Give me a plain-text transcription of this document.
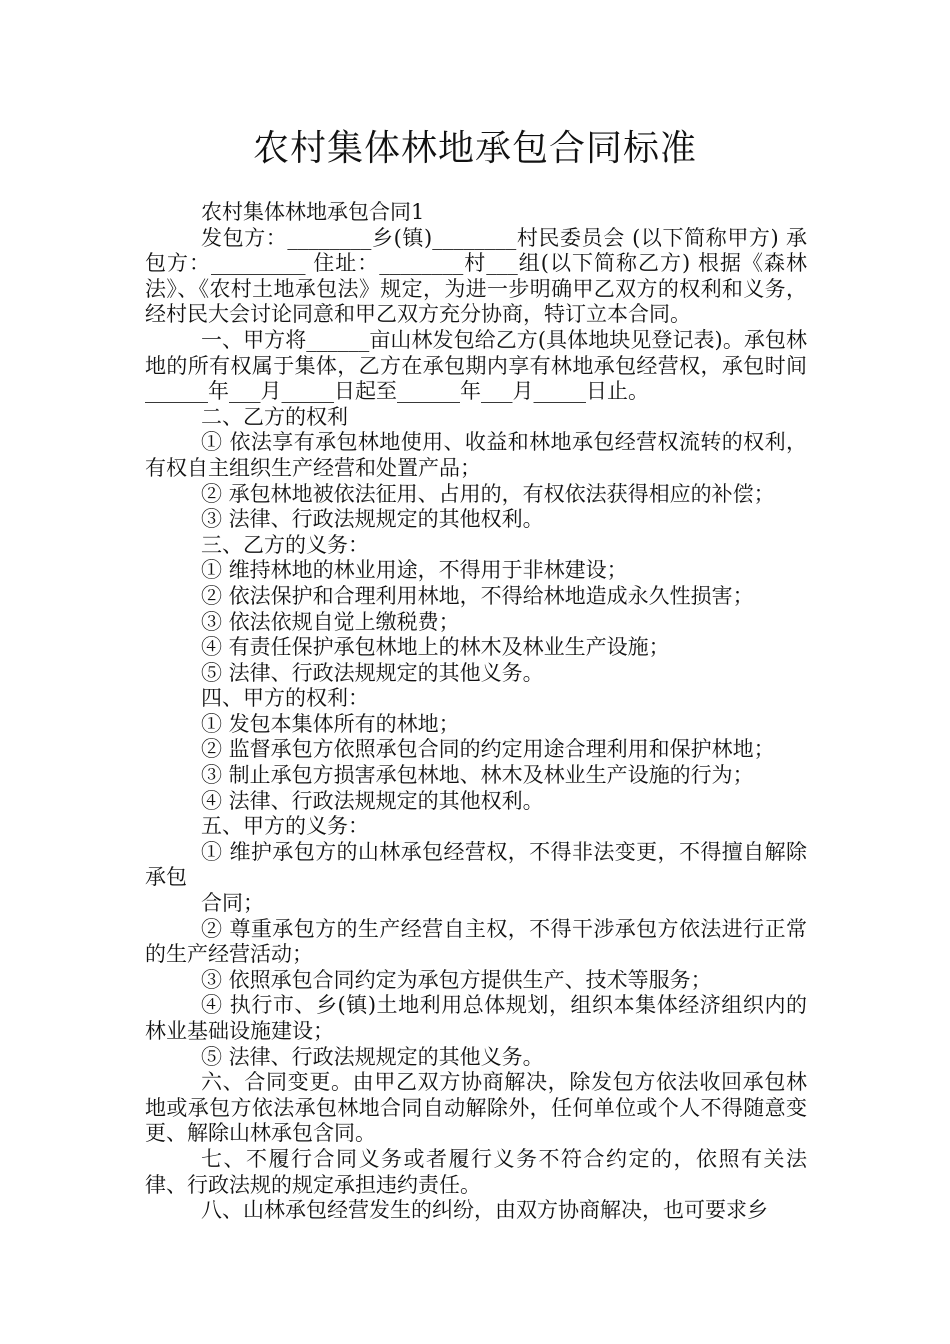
农村集体林地承包合同标准

农村集体林地承包合同1

发包方：________乡(镇)________村民委员会 (以下简称甲方) 承包方：_________ 住址：________村___组(以下简称乙方) 根据《森林法》、《农村土地承包法》规定，为进一步明确甲乙双方的权利和义务，经村民大会讨论同意和甲乙双方充分协商，特订立本合同。

一、甲方将______亩山林发包给乙方(具体地块见登记表)。承包林地的所有权属于集体，乙方在承包期内享有林地承包经营权，承包时间______年___月_____日起至______年___月_____日止。

二、乙方的权利

① 依法享有承包林地使用、收益和林地承包经营权流转的权利，有权自主组织生产经营和处置产品；

② 承包林地被依法征用、占用的，有权依法获得相应的补偿；

③ 法律、行政法规规定的其他权利。

三、乙方的义务：

① 维持林地的林业用途，不得用于非林建设；

② 依法保护和合理利用林地，不得给林地造成永久性损害；

③ 依法依规自觉上缴税费；

④ 有责任保护承包林地上的林木及林业生产设施；

⑤ 法律、行政法规规定的其他义务。

四、甲方的权利：

① 发包本集体所有的林地；

② 监督承包方依照承包合同的约定用途合理利用和保护林地；

③ 制止承包方损害承包林地、林木及林业生产设施的行为；

④ 法律、行政法规规定的其他权利。

五、甲方的义务：

① 维护承包方的山林承包经营权，不得非法变更，不得擅自解除承包

合同；

② 尊重承包方的生产经营自主权，不得干涉承包方依法进行正常的生产经营活动；

③ 依照承包合同约定为承包方提供生产、技术等服务；

④ 执行市、乡(镇)土地利用总体规划，组织本集体经济组织内的林业基础设施建设；

⑤ 法律、行政法规规定的其他义务。

六、合同变更。由甲乙双方协商解决，除发包方依法收回承包林地或承包方依法承包林地合同自动解除外，任何单位或个人不得随意变更、解除山林承包含同。

七、不履行合同义务或者履行义务不符合约定的，依照有关法律、行政法规的规定承担违约责任。

八、山林承包经营发生的纠纷，由双方协商解决，也可要求乡
